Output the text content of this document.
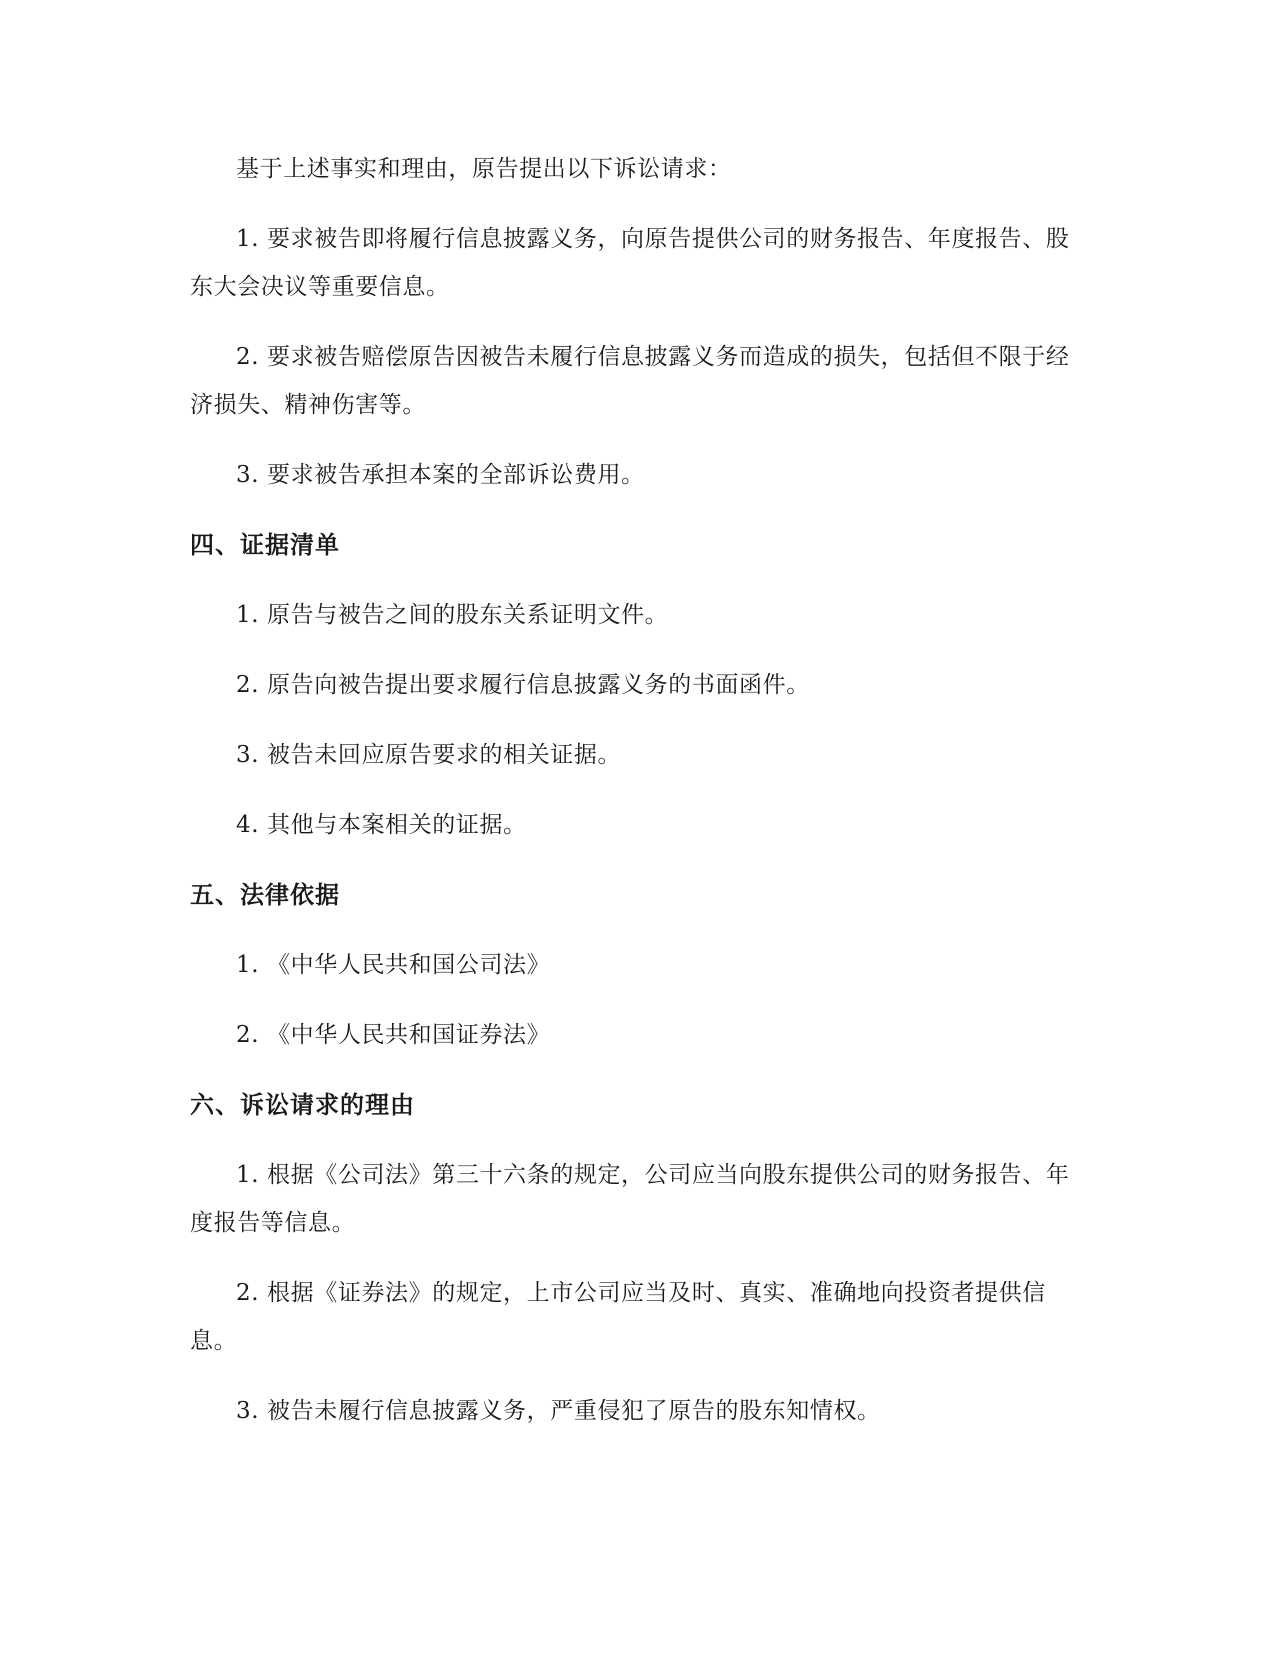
基于上述事实和理由，原告提出以下诉讼请求：

1. 要求被告即将履行信息披露义务，向原告提供公司的财务报告、年度报告、股东大会决议等重要信息。

2. 要求被告赔偿原告因被告未履行信息披露义务而造成的损失，包括但不限于经济损失、精神伤害等。

3. 要求被告承担本案的全部诉讼费用。

四、证据清单

1. 原告与被告之间的股东关系证明文件。

2. 原告向被告提出要求履行信息披露义务的书面函件。

3. 被告未回应原告要求的相关证据。

4. 其他与本案相关的证据。

五、法律依据

1. 《中华人民共和国公司法》

2. 《中华人民共和国证券法》

六、诉讼请求的理由

1. 根据《公司法》第三十六条的规定，公司应当向股东提供公司的财务报告、年度报告等信息。

2. 根据《证券法》的规定，上市公司应当及时、真实、准确地向投资者提供信息。

3. 被告未履行信息披露义务，严重侵犯了原告的股东知情权。
